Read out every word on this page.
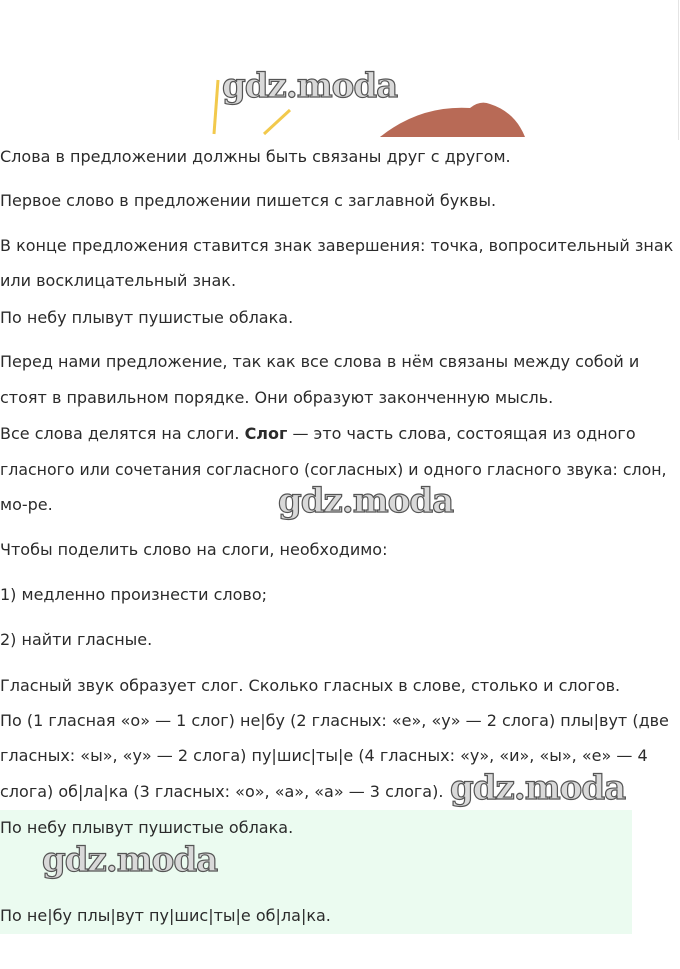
gdz.moda

Слова в предложении должны быть связаны друг с другом.

Первое слово в предложении пишется с заглавной буквы.

В конце предложения ставится знак завершения: точка, вопросительный знак

или восклицательный знак.

По небу плывут пушистые облака.

Перед нами предложение, так как все слова в нём связаны между собой и

стоят в правильном порядке. Они образуют законченную мысль.

Все слова делятся на слоги. Слог — это часть слова, состоящая из одного

гласного или сочетания согласного (согласных) и одного гласного звука: слон,

мо-ре.	gdz.moda

Чтобы поделить слово на слоги, необходимо:

1) медленно произнести слово;

2) найти гласные.

Гласный звук образует слог. Сколько гласных в слове, столько и слогов.

По (1 гласная «о» — 1 слог) не|бу (2 гласных: «е», «у» — 2 слога) плы|вут (две

гласных: «ы», «у» — 2 слога) пу|шис|ты|е (4 гласных: «у», «и», «ы», «е» — 4

слога) об|ла|ка (3 гласных: «о», «а», «а» — 3 слога). gdz.moda

По небу плывут пушистые облака.

gdz.moda

По не|бу плы|вут пу|шис|ты|е об|ла|ка.
